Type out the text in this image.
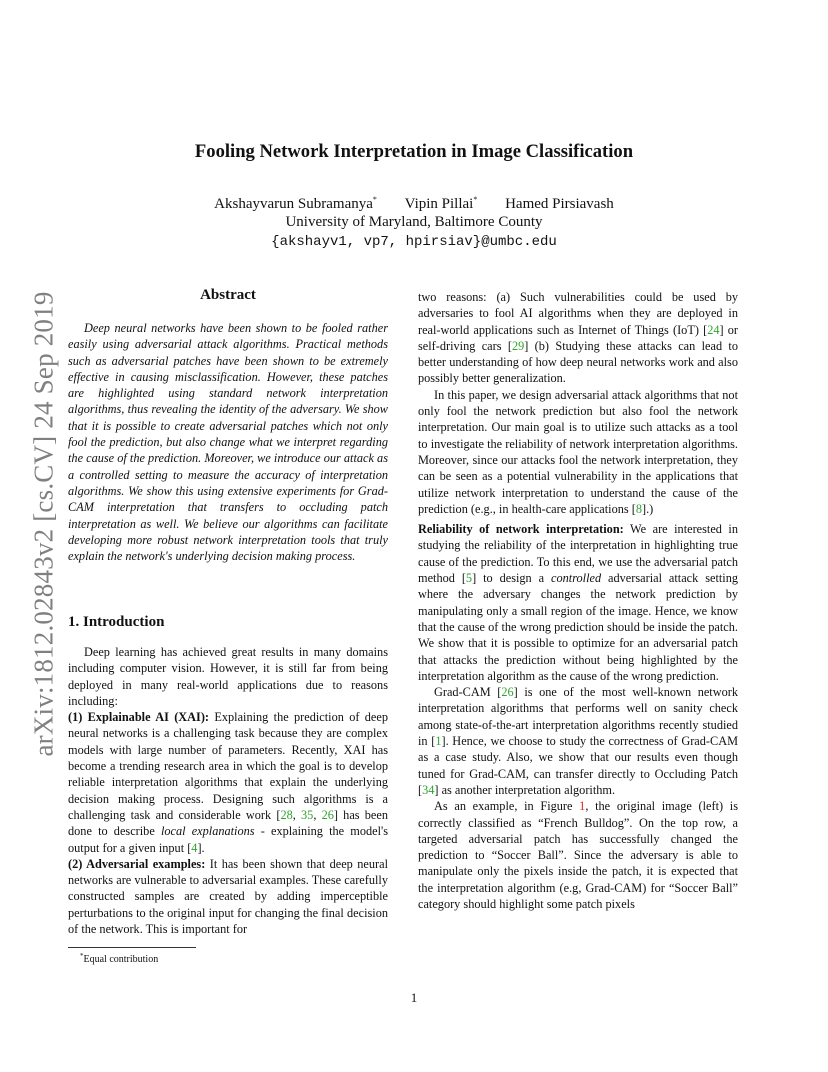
arXiv:1812.02843v2 [cs.CV] 24 Sep 2019
Fooling Network Interpretation in Image Classification
Akshayvarun Subramanya* Vipin Pillai* Hamed Pirsiavash
University of Maryland, Baltimore County
{akshayv1, vp7, hpirsiav}@umbc.edu
Abstract
Deep neural networks have been shown to be fooled rather easily using adversarial attack algorithms. Practical methods such as adversarial patches have been shown to be extremely effective in causing misclassification. However, these patches are highlighted using standard network interpretation algorithms, thus revealing the identity of the adversary. We show that it is possible to create adversarial patches which not only fool the prediction, but also change what we interpret regarding the cause of the prediction. Moreover, we introduce our attack as a controlled setting to measure the accuracy of interpretation algorithms. We show this using extensive experiments for Grad-CAM interpretation that transfers to occluding patch interpretation as well. We believe our algorithms can facilitate developing more robust network interpretation tools that truly explain the network's underlying decision making process.
1. Introduction

Deep learning has achieved great results in many domains including computer vision. However, it is still far from being deployed in many real-world applications due to reasons including:

(1) Explainable AI (XAI): Explaining the prediction of deep neural networks is a challenging task because they are complex models with large number of parameters. Recently, XAI has become a trending research area in which the goal is to develop reliable interpretation algorithms that explain the underlying decision making process. Designing such algorithms is a challenging task and considerable work [28, 35, 26] has been done to describe local explanations - explaining the model's output for a given input [4].

(2) Adversarial examples: It has been shown that deep neural networks are vulnerable to adversarial examples. These carefully constructed samples are created by adding imperceptible perturbations to the original input for changing the final decision of the network. This is important for

two reasons: (a) Such vulnerabilities could be used by adversaries to fool AI algorithms when they are deployed in real-world applications such as Internet of Things (IoT) [24] or self-driving cars [29] (b) Studying these attacks can lead to better understanding of how deep neural networks work and also possibly better generalization.

In this paper, we design adversarial attack algorithms that not only fool the network prediction but also fool the network interpretation. Our main goal is to utilize such attacks as a tool to investigate the reliability of network interpretation algorithms. Moreover, since our attacks fool the network interpretation, they can be seen as a potential vulnerability in the applications that utilize network interpretation to understand the cause of the prediction (e.g., in health-care applications [8].)

Reliability of network interpretation: We are interested in studying the reliability of the interpretation in highlighting true cause of the prediction. To this end, we use the adversarial patch method [5] to design a controlled adversarial attack setting where the adversary changes the network prediction by manipulating only a small region of the image. Hence, we know that the cause of the wrong prediction should be inside the patch. We show that it is possible to optimize for an adversarial patch that attacks the prediction without being highlighted by the interpretation algorithm as the cause of the wrong prediction.

Grad-CAM [26] is one of the most well-known network interpretation algorithms that performs well on sanity check among state-of-the-art interpretation algorithms recently studied in [1]. Hence, we choose to study the correctness of Grad-CAM as a case study. Also, we show that our results even though tuned for Grad-CAM, can transfer directly to Occluding Patch [34] as another interpretation algorithm.

As an example, in Figure 1, the original image (left) is correctly classified as “French Bulldog”. On the top row, a targeted adversarial patch has successfully changed the prediction to “Soccer Ball”. Since the adversary is able to manipulate only the pixels inside the patch, it is expected that the interpretation algorithm (e.g, Grad-CAM) for “Soccer Ball” category should highlight some patch pixels

*Equal contribution
1
